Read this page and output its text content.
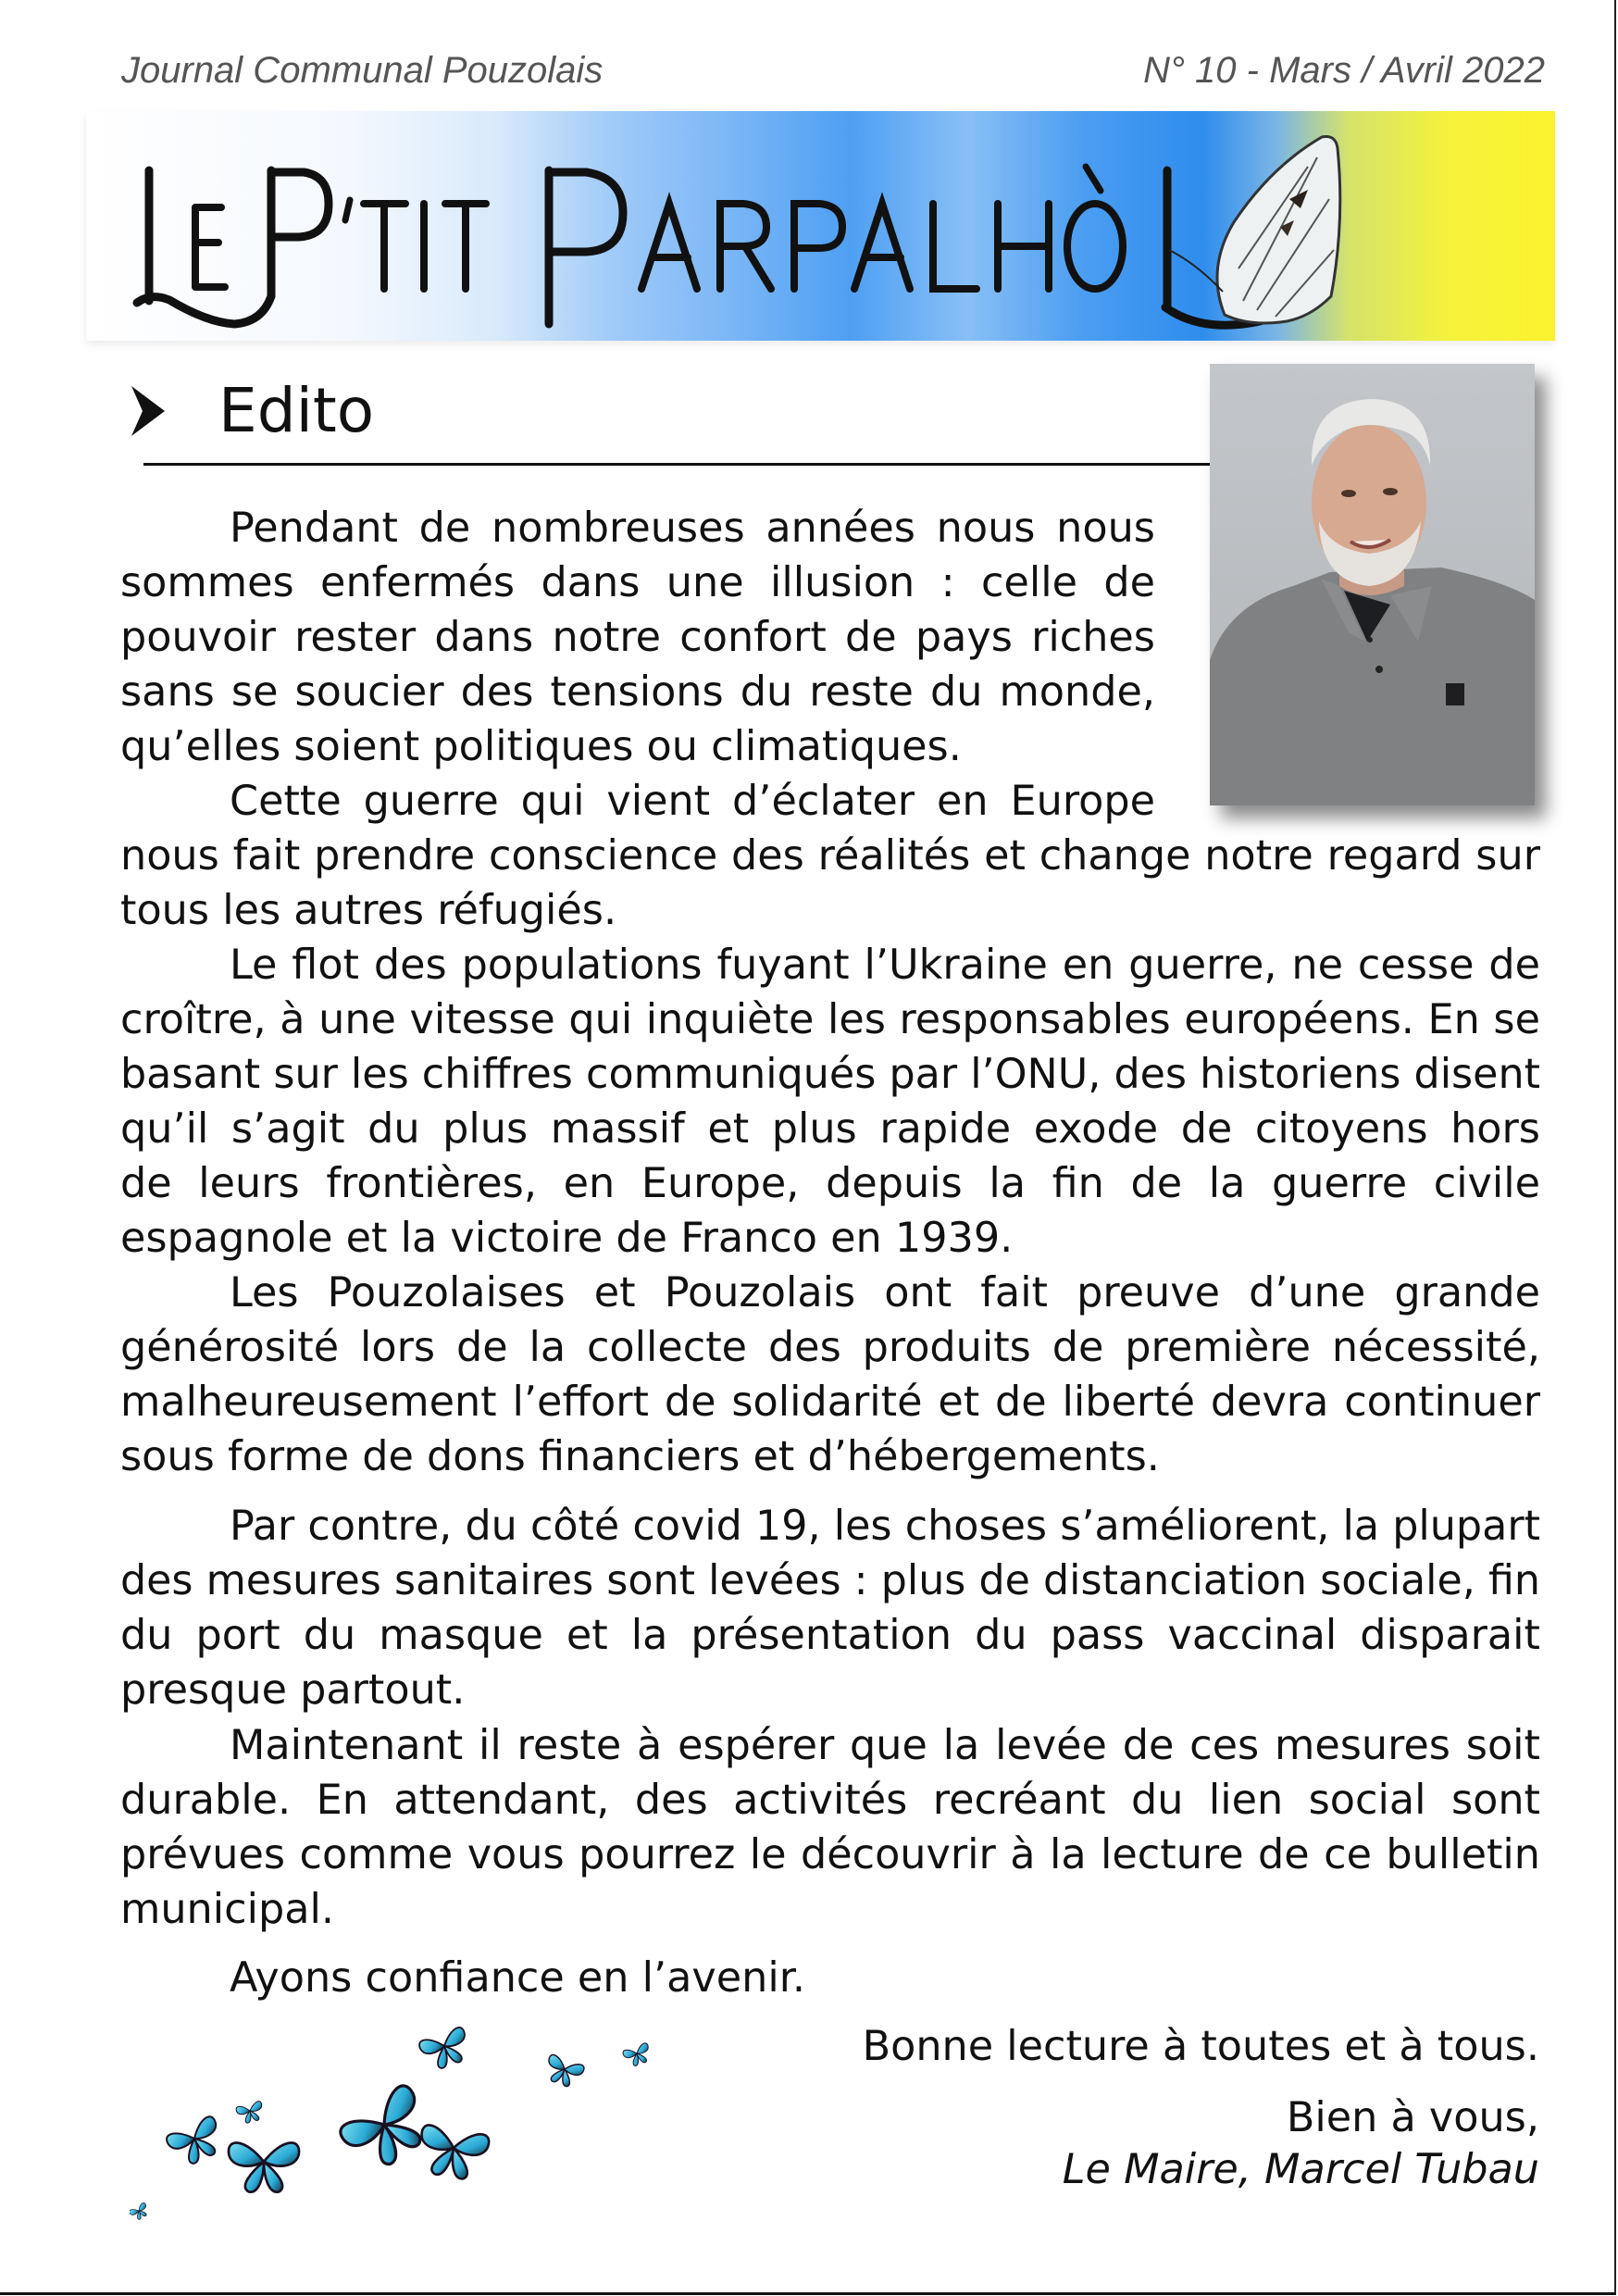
Journal Communal Pouzolais	N° 10 - Mars / Avril 2022
Edito
Pendant de nombreuses années nous nous
sommes enfermés dans une illusion : celle de
pouvoir rester dans notre confort de pays riches
sans se soucier des tensions du reste du monde,
qu’elles soient politiques ou climatiques.
Cette guerre qui vient d’éclater en Europe
nous fait prendre conscience des réalités et change notre regard sur
tous les autres réfugiés.
Le flot des populations fuyant l’Ukraine en guerre, ne cesse de
croître, à une vitesse qui inquiète les responsables européens. En se
basant sur les chiffres communiqués par l’ONU, des historiens disent
qu’il s’agit du plus massif et plus rapide exode de citoyens hors
de leurs frontières, en Europe, depuis la fin de la guerre civile
espagnole et la victoire de Franco en 1939.
Les Pouzolaises et Pouzolais ont fait preuve d’une grande
générosité lors de la collecte des produits de première nécessité,
malheureusement l’effort de solidarité et de liberté devra continuer
sous forme de dons financiers et d’hébergements.
Par contre, du côté covid 19, les choses s’améliorent, la plupart
des mesures sanitaires sont levées : plus de distanciation sociale, fin
du port du masque et la présentation du pass vaccinal disparait
presque partout.
Maintenant il reste à espérer que la levée de ces mesures soit
durable. En attendant, des activités recréant du lien social sont
prévues comme vous pourrez le découvrir à la lecture de ce bulletin
municipal.
Ayons confiance en l’avenir.
Bonne lecture à toutes et à tous.
Bien à vous,
Le Maire, Marcel Tubau
